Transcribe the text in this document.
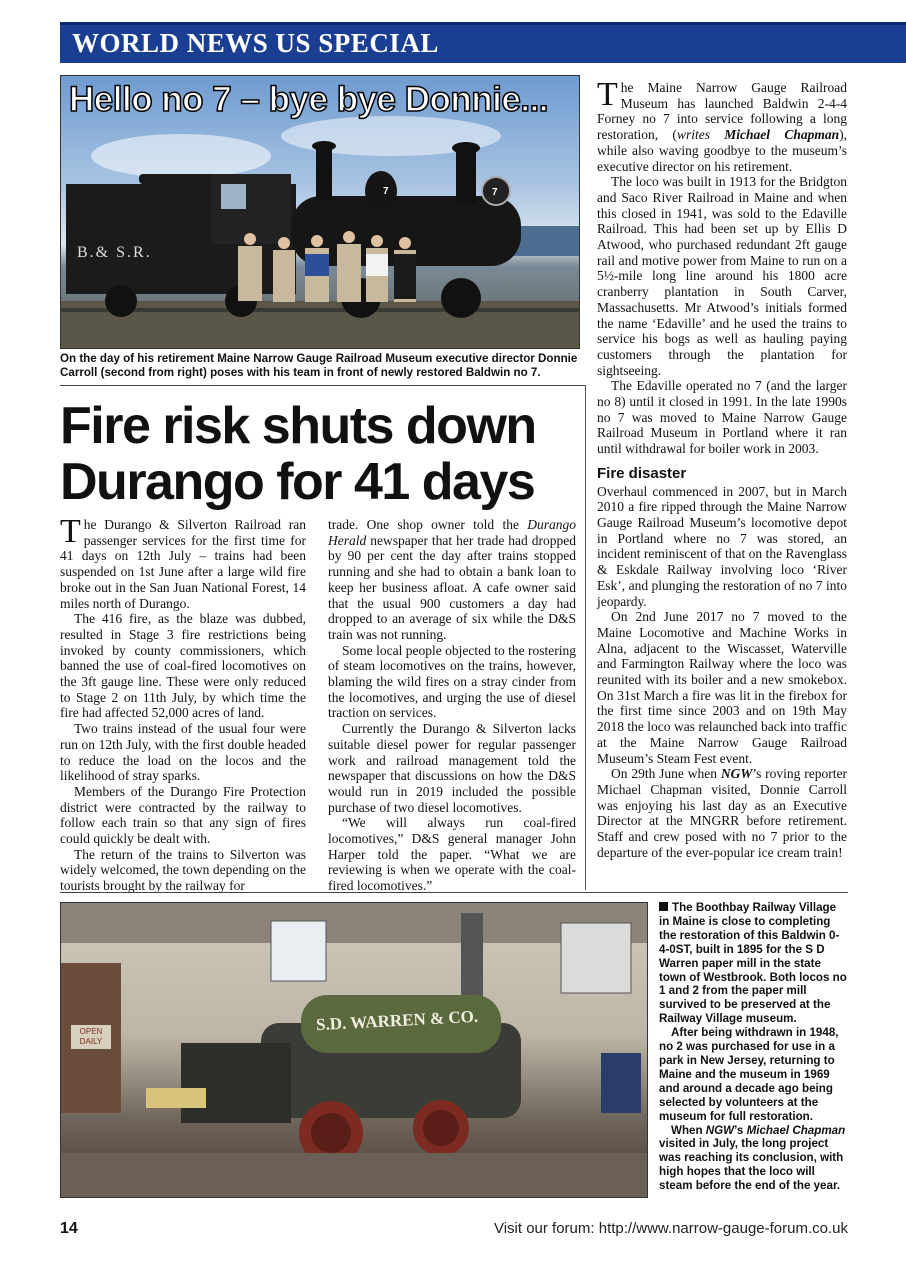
WORLD NEWS US SPECIAL
7	7
B.& S.R.
Hello no 7 – bye bye Donnie...
On the day of his retirement Maine Narrow Gauge Railroad Museum executive director Donnie Carroll (second from right) poses with his team in front of newly restored Baldwin no 7.
Fire risk shuts down Durango for 41 days

The Durango & Silverton Railroad ran passenger services for the first time for 41 days on 12th July – trains had been suspended on 1st June after a large wild fire broke out in the San Juan National Forest, 14 miles north of Durango.

The 416 fire, as the blaze was dubbed, resulted in Stage 3 fire restrictions being invoked by county commissioners, which banned the use of coal-fired locomotives on the 3ft gauge line. These were only reduced to Stage 2 on 11th July, by which time the fire had affected 52,000 acres of land.

Two trains instead of the usual four were run on 12th July, with the first double headed to reduce the load on the locos and the likelihood of stray sparks.

Members of the Durango Fire Protection district were contracted by the railway to follow each train so that any sign of fires could quickly be dealt with.

The return of the trains to Silverton was widely welcomed, the town depending on the tourists brought by the railway for

trade. One shop owner told the Durango Herald newspaper that her trade had dropped by 90 per cent the day after trains stopped running and she had to obtain a bank loan to keep her business afloat. A cafe owner said that the usual 900 customers a day had dropped to an average of six while the D&S train was not running.

Some local people objected to the rostering of steam locomotives on the trains, however, blaming the wild fires on a stray cinder from the locomotives, and urging the use of diesel traction on services.

Currently the Durango & Silverton lacks suitable diesel power for regular passenger work and railroad management told the newspaper that discussions on how the D&S would run in 2019 included the possible purchase of two diesel locomotives.

“We will always run coal-fired locomotives,” D&S general manager John Harper told the paper. “What we are reviewing is when we operate with the coal-fired locomotives.”

The Maine Narrow Gauge Railroad Museum has launched Baldwin 2-4-4 Forney no 7 into service following a long restoration, (writes Michael Chapman), while also waving goodbye to the museum’s executive director on his retirement.

The loco was built in 1913 for the Bridgton and Saco River Railroad in Maine and when this closed in 1941, was sold to the Edaville Railroad. This had been set up by Ellis D Atwood, who purchased redundant 2ft gauge rail and motive power from Maine to run on a 5½-mile long line around his 1800 acre cranberry plantation in South Carver, Massachusetts. Mr Atwood’s initials formed the name ‘Edaville’ and he used the trains to service his bogs as well as hauling paying customers through the plantation for sightseeing.

The Edaville operated no 7 (and the larger no 8) until it closed in 1991. In the late 1990s no 7 was moved to Maine Narrow Gauge Railroad Museum in Portland where it ran until withdrawal for boiler work in 2003.

Fire disaster

Overhaul commenced in 2007, but in March 2010 a fire ripped through the Maine Narrow Gauge Railroad Museum’s locomotive depot in Portland where no 7 was stored, an incident reminiscent of that on the Ravenglass & Eskdale Railway involving loco ‘River Esk’, and plunging the restoration of no 7 into jeopardy.

On 2nd June 2017 no 7 moved to the Maine Locomotive and Machine Works in Alna, adjacent to the Wiscasset, Waterville and Farmington Railway where the loco was reunited with its boiler and a new smokebox. On 31st March a fire was lit in the firebox for the first time since 2003 and on 19th May 2018 the loco was relaunched back into traffic at the Maine Narrow Gauge Railroad Museum’s Steam Fest event.

On 29th June when NGW’s roving reporter Michael Chapman visited, Donnie Carroll was enjoying his last day as an Executive Director at the MNGRR before retirement. Staff and crew posed with no 7 prior to the departure of the ever-popular ice cream train!

S.D. WARREN & CO.
OPEN DAILY

The Boothbay Railway Village in Maine is close to completing the restoration of this Baldwin 0-4-0ST, built in 1895 for the S D Warren paper mill in the state town of Westbrook. Both locos no 1 and 2 from the paper mill survived to be preserved at the Railway Village museum.

After being withdrawn in 1948, no 2 was purchased for use in a park in New Jersey, returning to Maine and the museum in 1969 and around a decade ago being selected by volunteers at the museum for full restoration.

When NGW’s Michael Chapman visited in July, the long project was reaching its conclusion, with high hopes that the loco will steam before the end of the year.

14	Visit our forum: http://www.narrow-gauge-forum.co.uk
